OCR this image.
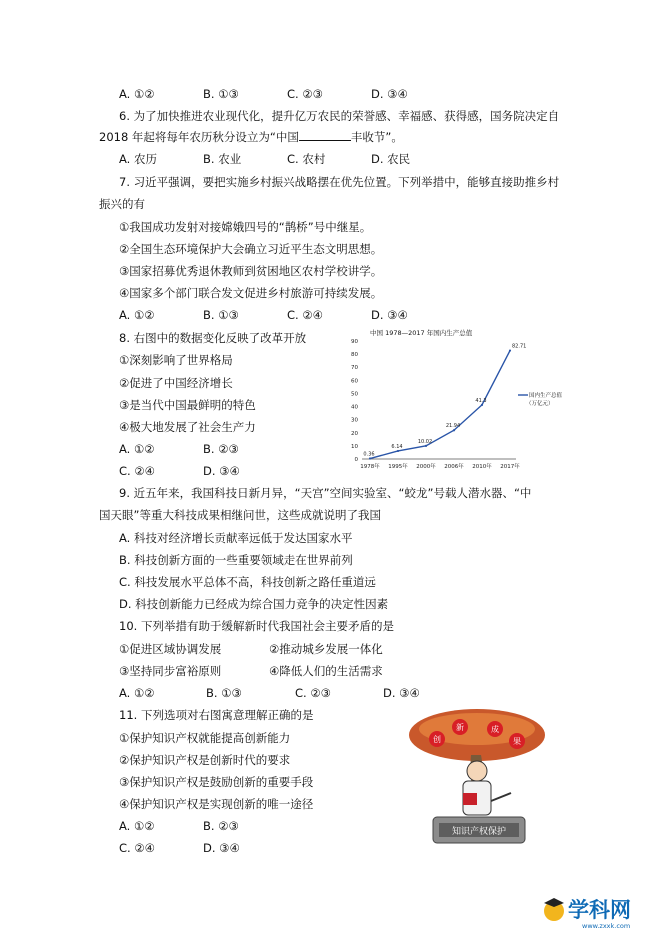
A. ①②	B. ①③	C. ②③	D. ③④
6. 为了加快推进农业现代化，提升亿万农民的荣誉感、幸福感、获得感，国务院决定自
2018 年起将每年农历秋分设立为“中国	丰收节”。
A. 农历	B. 农业	C. 农村	D. 农民
7. 习近平强调，要把实施乡村振兴战略摆在优先位置。下列举措中，能够直接助推乡村
振兴的有
①我国成功发射对接嫦娥四号的“鹊桥”号中继星。
②全国生态环境保护大会确立习近平生态文明思想。
③国家招募优秀退休教师到贫困地区农村学校讲学。
④国家多个部门联合发文促进乡村旅游可持续发展。
A. ①②	B. ①③	C. ②④	D. ③④
8. 右图中的数据变化反映了改革开放
①深刻影响了世界格局
②促进了中国经济增长
③是当代中国最鲜明的特色
④极大地发展了社会生产力
A. ①②	B. ②③
C. ②④	D. ③④
中国 1978—2017 年国内生产总值
0
10
20
30
40
50
60
70
80
90
1978年 1995年 2000年 2006年 2010年 2017年
0.36
6.14
10.02
21.94
41.3
82.71
国内生产总值
（万亿元）
9. 近五年来，我国科技日新月异，“天宫”空间实验室、“蛟龙”号载人潜水器、“中
国天眼”等重大科技成果相继问世，这些成就说明了我国
A. 科技对经济增长贡献率远低于发达国家水平
B. 科技创新方面的一些重要领域走在世界前列
C. 科技发展水平总体不高，科技创新之路任重道远
D. 科技创新能力已经成为综合国力竞争的决定性因素
10. 下列举措有助于缓解新时代我国社会主要矛盾的是
①促进区域协调发展	②推动城乡发展一体化
③坚持同步富裕原则	④降低人们的生活需求
A. ①②	B. ①③	C. ②③	D. ③④
11. 下列选项对右图寓意理解正确的是
①保护知识产权就能提高创新能力
②保护知识产权是创新时代的要求
③保护知识产权是鼓励创新的重要手段
④保护知识产权是实现创新的唯一途径
A. ①②	B. ②③
C. ②④	D. ③④
创
新	成
果
知识产权保护
学科网
www.zxxk.com
